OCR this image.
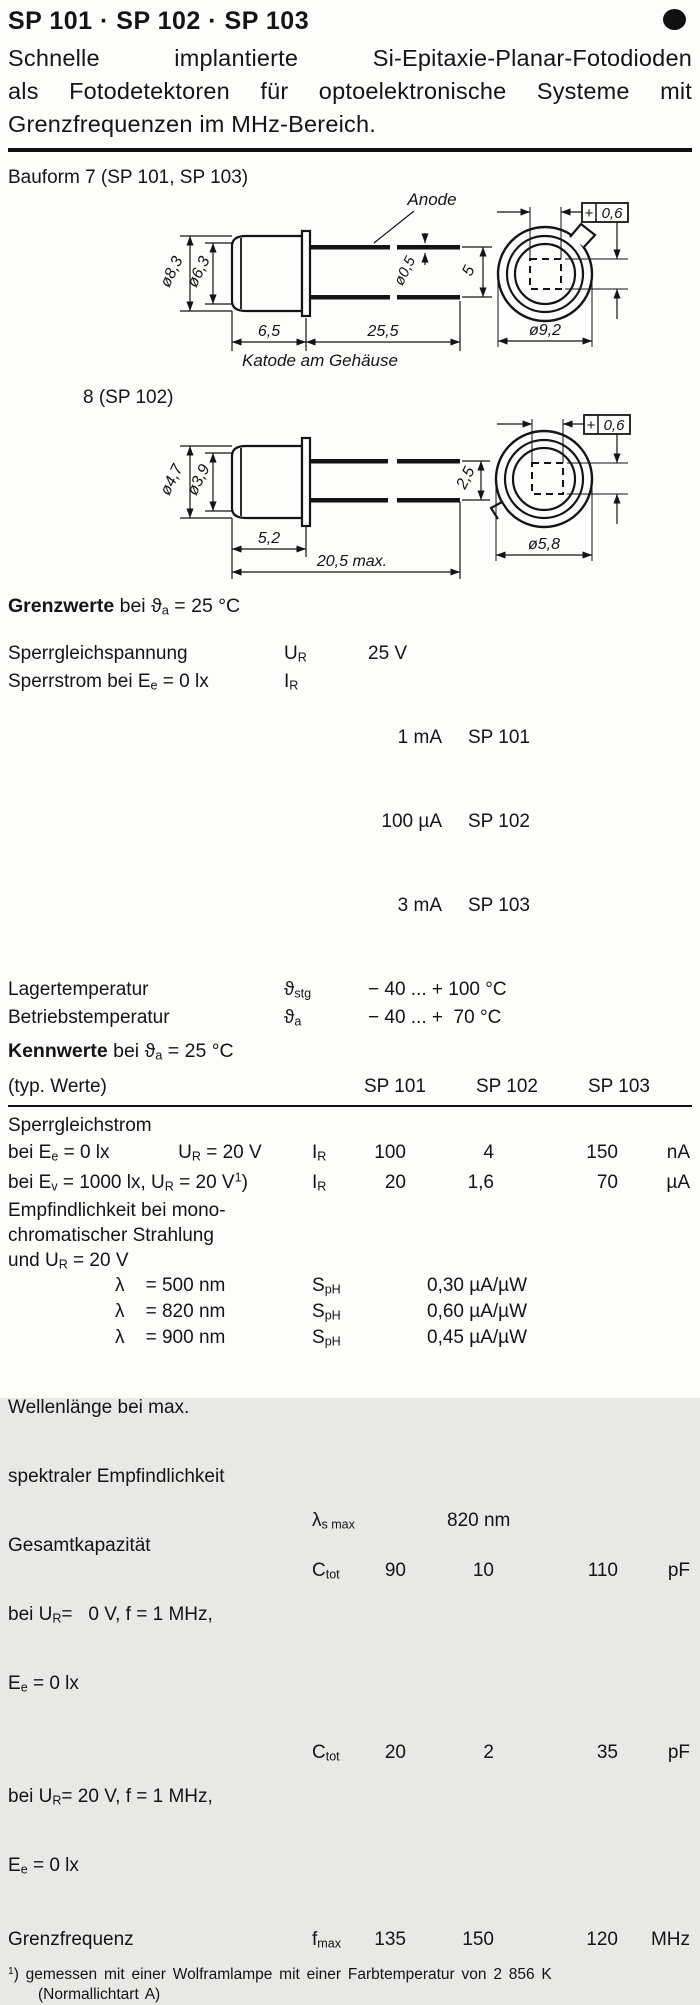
SP 101 · SP 102 · SP 103
Schnelle implantierte Si-Epitaxie-Planar-Fotodioden
als Fotodetektoren für optoelektronische Systeme mit
Grenzfrequenzen im MHz-Bereich.
Bauform 7 (SP 101, SP 103)
ø8,3
ø6,3
Anode
ø0,5	5
6,5	25,5
Katode am Gehäuse
ø9,2
+ 0,6
8 (SP 102)
ø4,7
ø3,9	2,5
5,2
20,5 max.
ø5,8
+ 0,6
Grenzwerte bei $ϑ_a = 25$ °C
Sperrgleichspannung	$U_R$	25 V
Sperrstrom bei $E_e = 0$ lx	$I_R$

1 mA SP 101

100 µA SP 102

3 mA SP 103

Lagertemperatur	$ϑ_{stg}$	− 40 ... + 100 °C
Betriebstemperatur	$ϑ_a$	− 40 ... +  70 °C
Kennwerte bei $ϑ_a = 25$ °C
(typ. Werte)	SP 101	SP 102	SP 103
Sperrgleichstrom
bei $E_e = 0$ lx             $U_R = 20$ V	$I_R$	100	4	150	nA
bei $E_v = 1000$ lx, $U_R = 20$ $V^1$)	$I_R$	20	1,6	70	µA
Empfindlichkeit bei mono-
chromatischer Strahlung
und $U_R = 20$ V
λ    = 500 nm	$S_{pH}$	0,30 µA/µW
λ    = 820 nm	$S_{pH}$	0,60 µA/µW
λ    = 900 nm	$S_{pH}$	0,45 µA/µW

Wellenlänge bei max.

spektraler Empfindlichkeit

$\lambda_{s max}$	820 nm
Gesamtkapazität

bei $U_R= 0$ V, f = 1 MHz,

$E_e = 0$ lx

$C_{tot}$	90	10	110	pF

bei $U_R= 20$ V, f = 1 MHz,

$E_e = 0$ lx

$C_{tot}$	20	2	35	pF
Grenzfrequenz	$f_{max}$	135	150	120	MHz
$^1$) gemessen mit einer Wolframlampe mit einer Farbtemperatur von 2 856 K
(Normallichtart A)
